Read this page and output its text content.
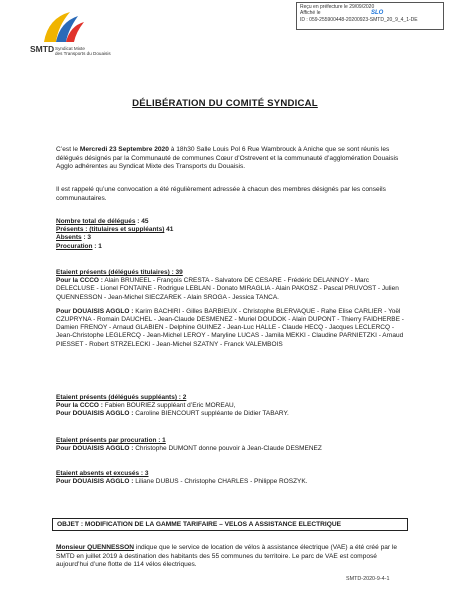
Reçu en préfecture le 29/09/2020
Affiché le
ID : 059-255900448-20200923-SMTD_20_9_4_1-DE
SLO
SMTD Syndicat Mixte
des Transports du Douaisis
DÉLIBÉRATION DU COMITÉ SYNDICAL
C’est le Mercredi 23 Septembre 2020 à 18h30 Salle Louis Pol 6 Rue Wambrouck à Aniche que se sont réunis les délégués désignés par la Communauté de communes Cœur d’Ostrevent et la communauté d’agglomération Douaisis Agglo adhérentes au Syndicat Mixte des Transports du Douaisis.
Il est rappelé qu’une convocation a été régulièrement adressée à chacun des membres désignés par les conseils communautaires.
Nombre total de délégués : 45
Présents : (titulaires et suppléants) 41
Absents : 3
Procuration : 1
Etaient présents (délégués titulaires) : 39
Pour la CCCO : Alain BRUNEEL - François CRESTA - Salvatore DE CESARE - Frédéric DELANNOY - Marc DELECLUSE - Lionel FONTAINE - Rodrigue LEBLAN - Donato MIRAGLIA - Alain PAKOSZ - Pascal PRUVOST - Julien QUENNESSON - Jean-Michel SIECZAREK - Alain SROGA - Jessica TANCA.
Pour DOUAISIS AGGLO : Karim BACHIRI - Gilles BARBIEUX - Christophe BLERVAQUE - Rahe Elise CARLIER - Yoël CZUPRYNA - Romain DAUCHEL - Jean-Claude DESMENEZ - Muriel DOUDOK - Alain DUPONT - Thierry FAIDHERBE - Damien FRENOY - Arnaud GLABIEN - Delphine GUINEZ - Jean-Luc HALLE - Claude HECQ - Jacques LECLERCQ - Jean-Christophe LEGLERCQ - Jean-Michel LEROY - Maryline LUCAS - Jamila MEKKI - Claudine PARNIETZKI - Arnaud PIESSET - Robert STRZELECKI - Jean-Michel SZATNY - Franck VALEMBOIS
Etaient présents (délégués suppléants) : 2
Pour la CCCO : Fabien BOURIEZ suppléant d’Eric MOREAU,
Pour DOUAISIS AGGLO : Caroline BIENCOURT suppléante de Didier TABARY.
Etaient présents par procuration : 1
Pour DOUAISIS AGGLO : Christophe DUMONT donne pouvoir à Jean-Claude DESMENEZ
Etaient absents et excusés : 3
Pour DOUAISIS AGGLO : Liliane DUBUS - Christophe CHARLES - Philippe ROSZYK.
OBJET : MODIFICATION DE LA GAMME TARIFAIRE – VELOS A ASSISTANCE ELECTRIQUE
Monsieur QUENNESSON indique que le service de location de vélos à assistance électrique (VAE) a été créé par le SMTD en juillet 2019 à destination des habitants des 55 communes du territoire. Le parc de VAE est composé aujourd’hui d’une flotte de 114 vélos électriques.
SMTD-2020-9-4-1
